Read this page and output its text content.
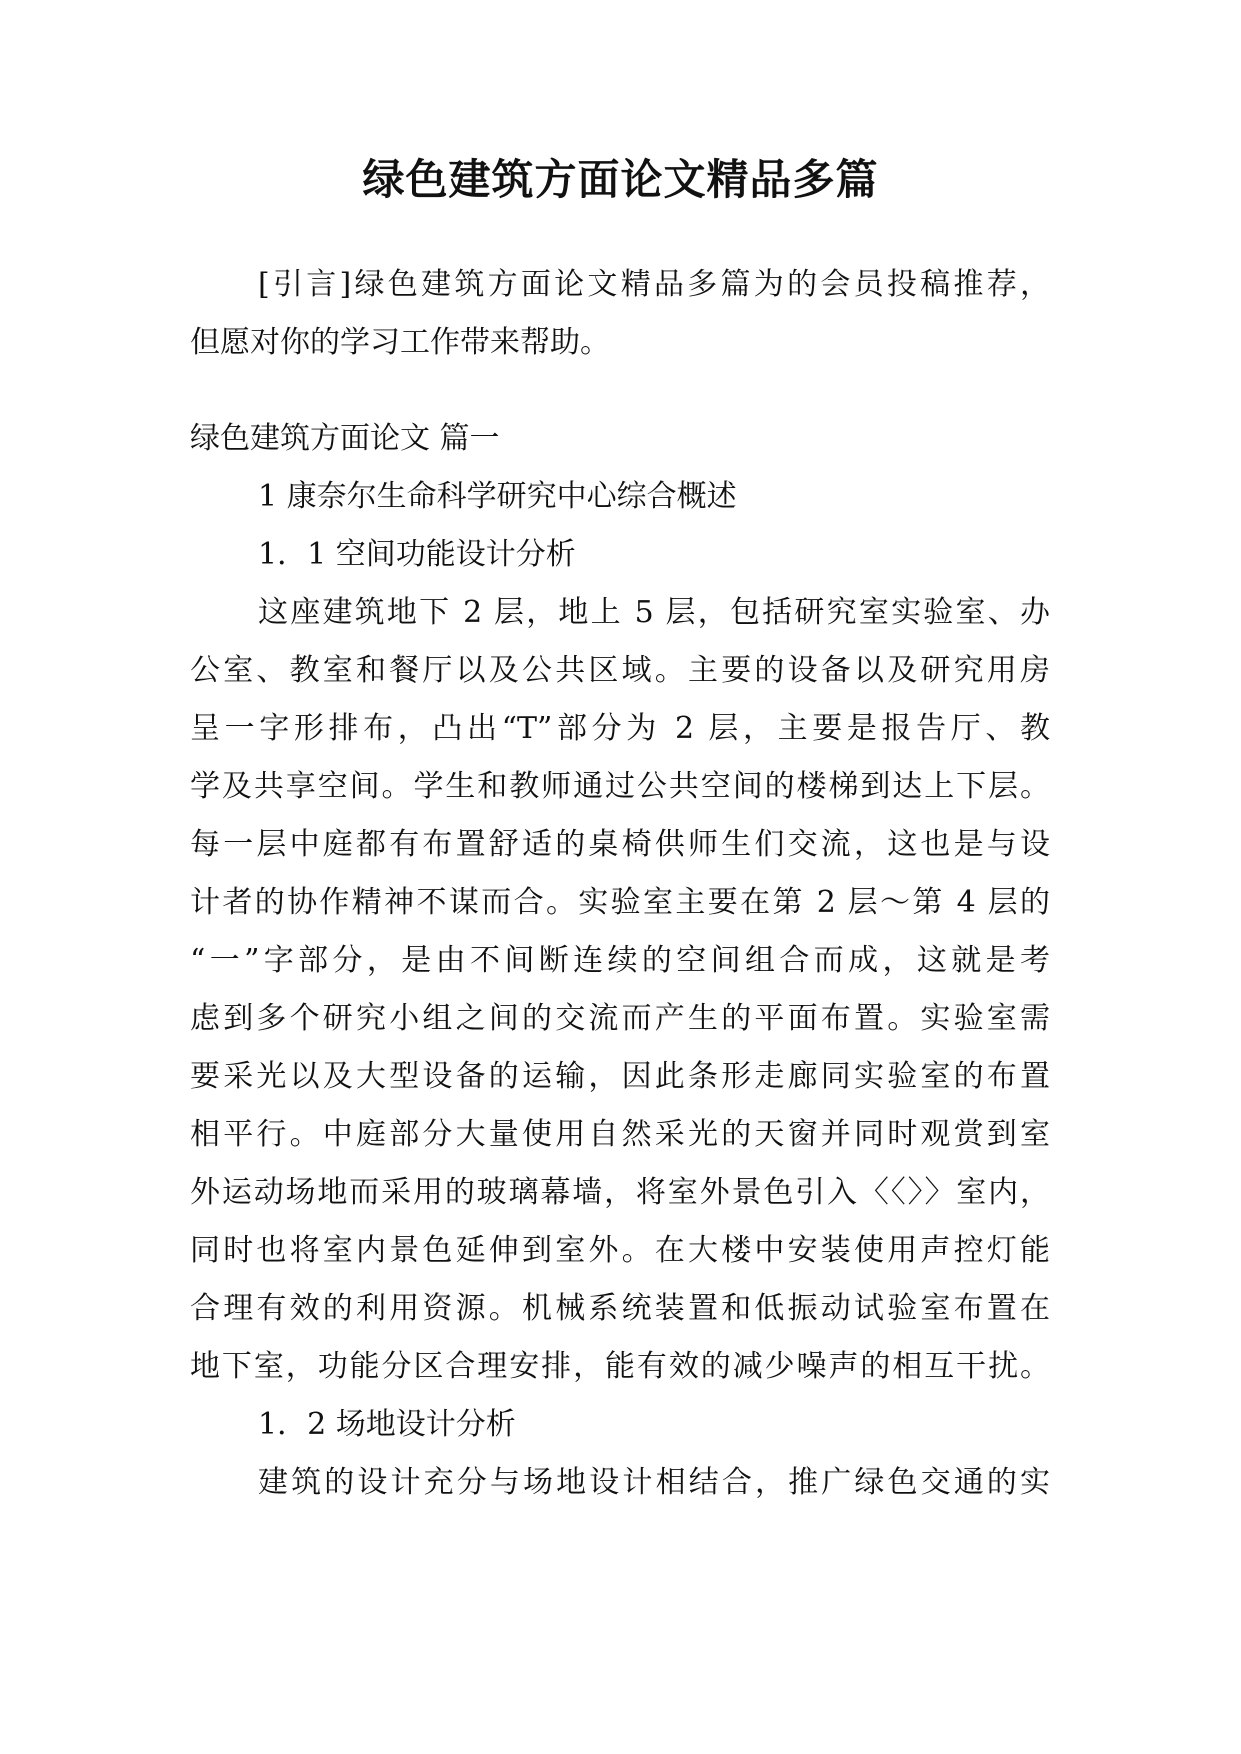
绿色建筑方面论文精品多篇

[引言]绿色建筑方面论文精品多篇为的会员投稿推荐，

但愿对你的学习工作带来帮助。

绿色建筑方面论文 篇一

1 康奈尔生命科学研究中心综合概述

1．1 空间功能设计分析

这座建筑地下 2 层，地上 5 层，包括研究室实验室、办

公室、教室和餐厅以及公共区域。主要的设备以及研究用房

呈一字形排布，凸出“T”部分为 2 层，主要是报告厅、教

学及共享空间。学生和教师通过公共空间的楼梯到达上下层。

每一层中庭都有布置舒适的桌椅供师生们交流，这也是与设

计者的协作精神不谋而合。实验室主要在第 2 层～第 4 层的

“一”字部分，是由不间断连续的空间组合而成，这就是考

虑到多个研究小组之间的交流而产生的平面布置。实验室需

要采光以及大型设备的运输，因此条形走廊同实验室的布置

相平行。中庭部分大量使用自然采光的天窗并同时观赏到室

外运动场地而采用的玻璃幕墙，将室外景色引入〈〈〉〉室内，

同时也将室内景色延伸到室外。在大楼中安装使用声控灯能

合理有效的利用资源。机械系统装置和低振动试验室布置在

地下室，功能分区合理安排，能有效的减少噪声的相互干扰。

1．2 场地设计分析

建筑的设计充分与场地设计相结合，推广绿色交通的实
